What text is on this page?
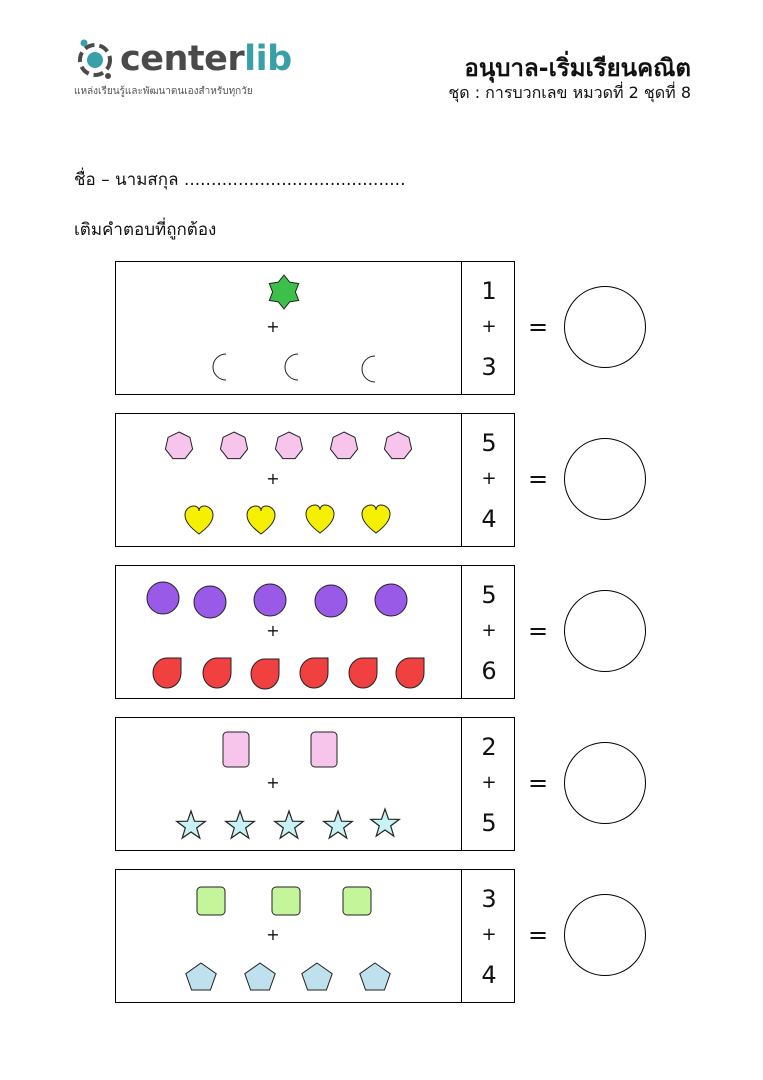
centerlib
แหล่งเรียนรู้และพัฒนาตนเองสำหรับทุกวัย
อนุบาล-เริ่มเรียนคณิต
ชุด : การบวกเลข หมวดที่ 2 ชุดที่ 8
ชื่อ – นามสกุล .........................................
เติมคำตอบที่ถูกต้อง
+
1
+
3
=
+
5
+
4
=
+
5
+
6
=
+
2
+
5
=
+
3
+
4
=
